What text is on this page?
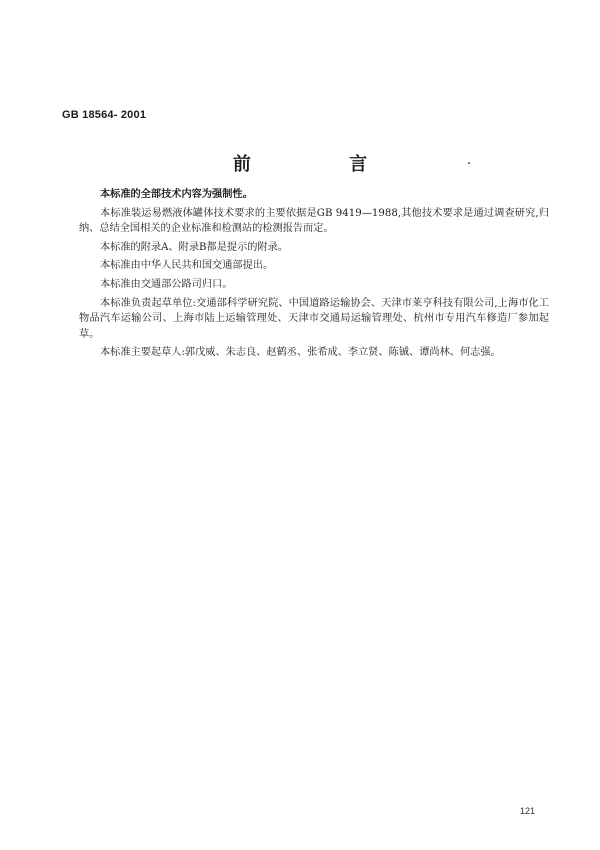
GB 18564- 2001
前 言

本标准的全部技术内容为强制性。

本标准装运易燃液体罐体技术要求的主要依据是GB 9419—1988,其他技术要求是通过调查研究,归纳、总结全国相关的企业标准和检测站的检测报告而定。

本标准的附录A、附录B都是提示的附录。

本标准由中华人民共和国交通部提出。

本标准由交通部公路司归口。

本标准负责起草单位:交通部科学研究院、中国道路运输协会、天津市莱亨科技有限公司,上海市化工物品汽车运输公司、上海市陆上运输管理处、天津市交通局运输管理处、杭州市专用汽车修造厂参加起草。

本标准主要起草人:郭戊威、朱志良、赵鹤丞、张希成、李立贤、陈铖、谭尚林、何志强。

121
